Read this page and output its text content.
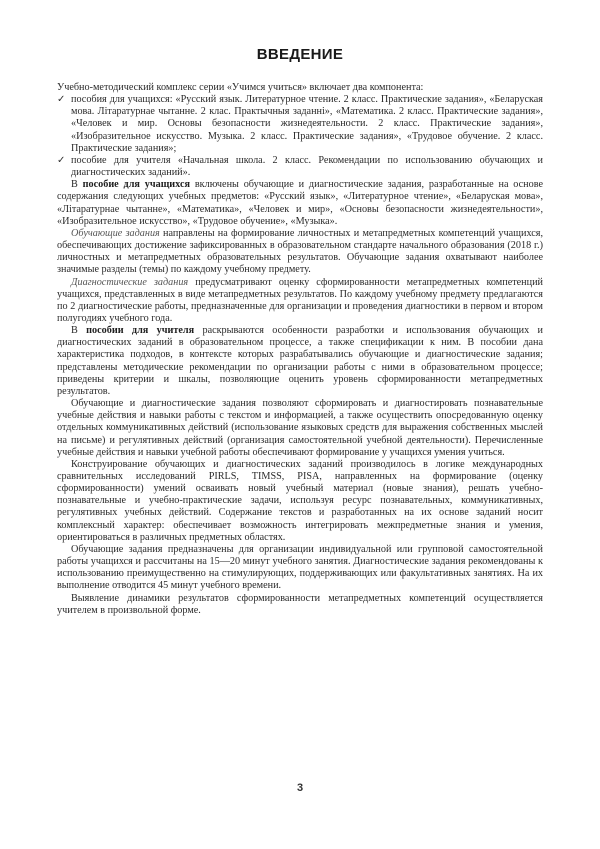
ВВЕДЕНИЕ

Учебно-методический комплекс серии «Учимся учиться» включает два компонента:

✓ пособия для учащихся: «Русский язык. Литературное чтение. 2 класс. Практические задания», «Беларуская мова. Літаратурнае чытанне. 2 клас. Практычныя заданні», «Математика. 2 класс. Практические задания», «Человек и мир. Основы безопасности жизнедеятельности. 2 класс. Практические задания», «Изобразительное искусство. Музыка. 2 класс. Практические задания», «Трудовое обучение. 2 класс. Практические задания»;

✓ пособие для учителя «Начальная школа. 2 класс. Рекомендации по использованию обучающих и диагностических заданий».

В пособие для учащихся включены обучающие и диагностические задания, разработанные на основе содержания следующих учебных предметов: «Русский язык», «Литературное чтение», «Беларуская мова», «Літаратурнае чытанне», «Математика», «Человек и мир», «Основы безопасности жизнедеятельности», «Изобразительное искусство», «Трудовое обучение», «Музыка».

Обучающие задания направлены на формирование личностных и метапредметных компетенций учащихся, обеспечивающих достижение зафиксированных в образовательном стандарте начального образования (2018 г.) личностных и метапредметных образовательных результатов. Обучающие задания охватывают наиболее значимые разделы (темы) по каждому учебному предмету.

Диагностические задания предусматривают оценку сформированности метапредметных компетенций учащихся, представленных в виде метапредметных результатов. По каждому учебному предмету предлагаются по 2 диагностические работы, предназначенные для организации и проведения диагностики в первом и втором полугодиях учебного года.

В пособии для учителя раскрываются особенности разработки и использования обучающих и диагностических заданий в образовательном процессе, а также спецификации к ним. В пособии дана характеристика подходов, в контексте которых разрабатывались обучающие и диагностические задания; представлены методические рекомендации по организации работы с ними в образовательном процессе; приведены критерии и шкалы, позволяющие оценить уровень сформированности метапредметных результатов.

Обучающие и диагностические задания позволяют сформировать и диагностировать познавательные учебные действия и навыки работы с текстом и информацией, а также осуществить опосредованную оценку отдельных коммуникативных действий (использование языковых средств для выражения собственных мыслей на письме) и регулятивных действий (организация самостоятельной учебной деятельности). Перечисленные учебные действия и навыки учебной работы обеспечивают формирование у учащихся умения учиться.

Конструирование обучающих и диагностических заданий производилось в логике международных сравнительных исследований PIRLS, TIMSS, PISA, направленных на формирование (оценку сформированности) умений осваивать новый учебный материал (новые знания), решать учебно-познавательные и учебно-практические задачи, используя ресурс познавательных, коммуникативных, регулятивных учебных действий. Содержание текстов и разработанных на их основе заданий носит комплексный характер: обеспечивает возможность интегрировать межпредметные знания и умения, ориентироваться в различных предметных областях.

Обучающие задания предназначены для организации индивидуальной или групповой самостоятельной работы учащихся и рассчитаны на 15—20 минут учебного занятия. Диагностические задания рекомендованы к использованию преимущественно на стимулирующих, поддерживающих или факультативных занятиях. На их выполнение отводится 45 минут учебного времени.

Выявление динамики результатов сформированности метапредметных компетенций осуществляется учителем в произвольной форме.

3
